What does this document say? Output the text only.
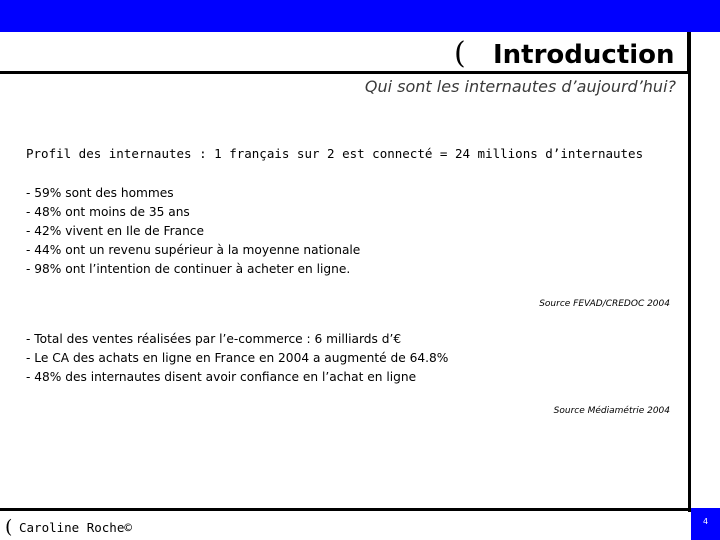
( Introduction
Qui sont les internautes d’aujourd’hui?
Profil des internautes : 1 français sur 2 est connecté = 24 millions d’internautes
- 59% sont des hommes
- 48% ont moins de 35 ans
- 42% vivent en Ile de France
- 44% ont un revenu supérieur à la moyenne nationale
- 98% ont l’intention de continuer à acheter en ligne.
Source FEVAD/CREDOC 2004
- Total des ventes réalisées par l’e-commerce : 6 milliards d’€
- Le CA des achats en ligne en France en 2004 a augmenté de 64.8%
- 48% des internautes disent avoir confiance en l’achat en ligne
Source Médiamétrie 2004
( Caroline Roche©	4
